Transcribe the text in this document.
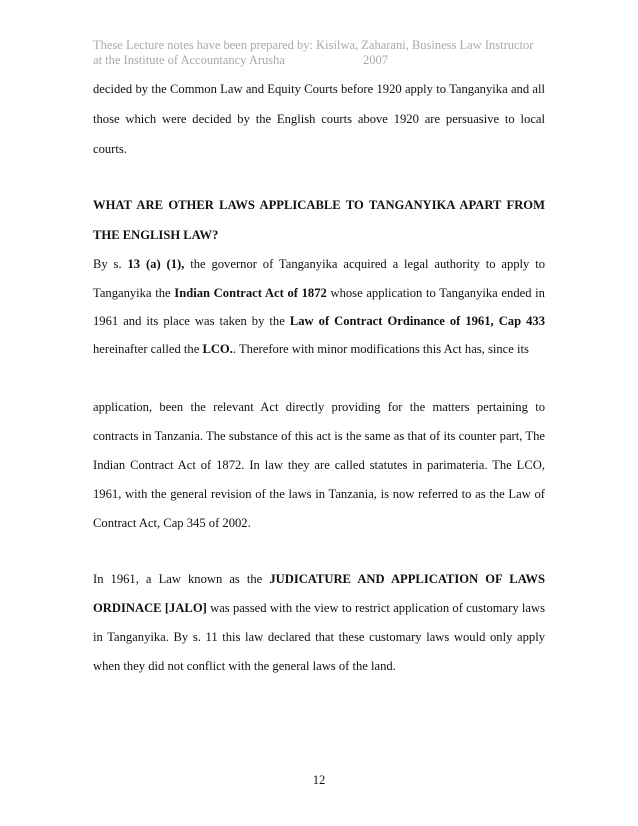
These Lecture notes have been prepared by: Kisilwa, Zaharani, Business Law Instructor
at the Institute of Accountancy Arusha	2007
decided by the Common Law and Equity Courts before 1920 apply to Tanganyika and all
those which were decided by the English courts above 1920 are persuasive to local
courts.
WHAT ARE OTHER LAWS APPLICABLE TO TANGANYIKA APART FROM
THE ENGLISH LAW?
By s. 13 (a) (1), the governor of Tanganyika acquired a legal authority to apply to
Tanganyika the Indian Contract Act of 1872 whose application to Tanganyika ended in
1961 and its place was taken by the Law of Contract Ordinance of 1961, Cap 433
hereinafter called the LCO.. Therefore with minor modifications this Act has, since its
application, been the relevant Act directly providing for the matters pertaining to
contracts in Tanzania. The substance of this act is the same as that of its counter part, The
Indian Contract Act of 1872. In law they are called statutes in parimateria. The LCO,
1961, with the general revision of the laws in Tanzania, is now referred to as the Law of
Contract Act, Cap 345 of 2002.
In 1961, a Law known as the JUDICATURE AND APPLICATION OF LAWS
ORDINACE [JALO] was passed with the view to restrict application of customary laws
in Tanganyika. By s. 11 this law declared that these customary laws would only apply
when they did not conflict with the general laws of the land.
12
